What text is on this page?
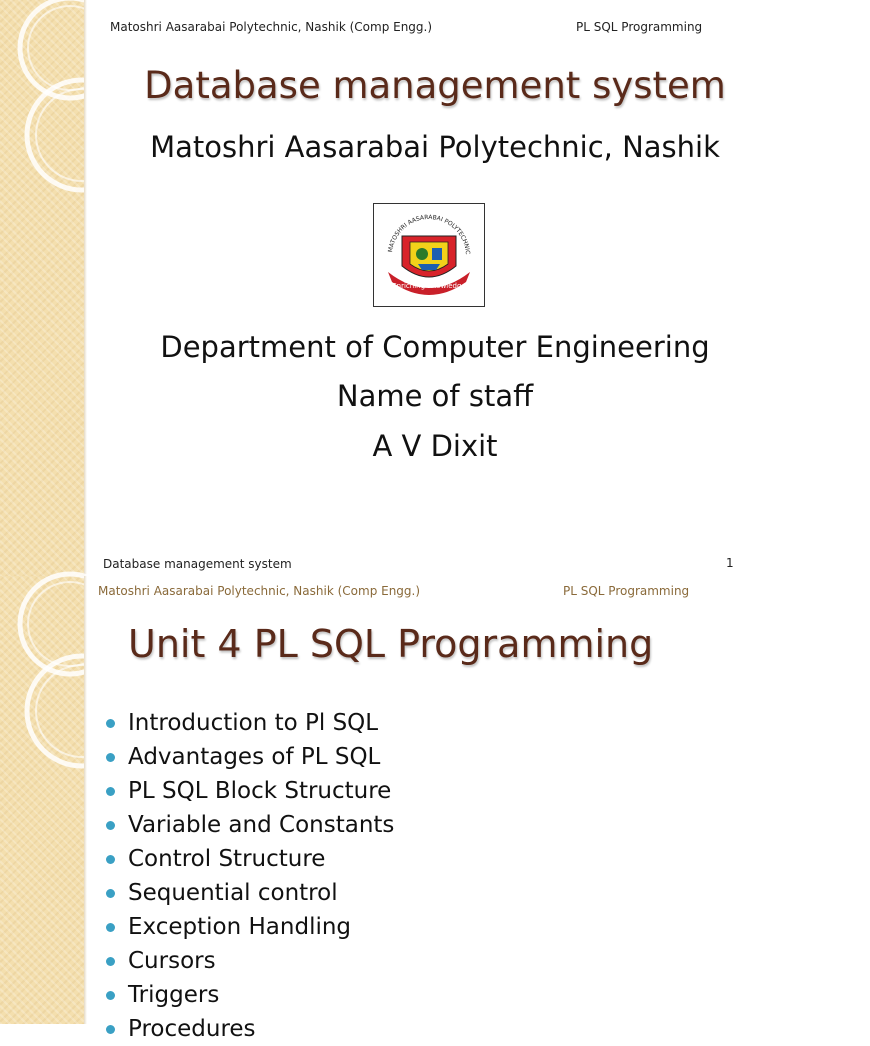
Matoshri Aasarabai Polytechnic, Nashik (Comp Engg.)	PL SQL Programming
Database management system
Matoshri Aasarabai Polytechnic, Nashik
MATOSHRI AASARABAI POLYTECHNIC
Enriching Knowledge
Department of Computer Engineering
Name of staff
A V Dixit
Database management system	1
Matoshri Aasarabai Polytechnic, Nashik (Comp Engg.)	PL SQL Programming
Unit 4 PL SQL Programming
Introduction to Pl SQL
Advantages of PL SQL
PL SQL Block Structure
Variable and Constants
Control Structure
Sequential control
Exception Handling
Cursors
Triggers
Procedures
